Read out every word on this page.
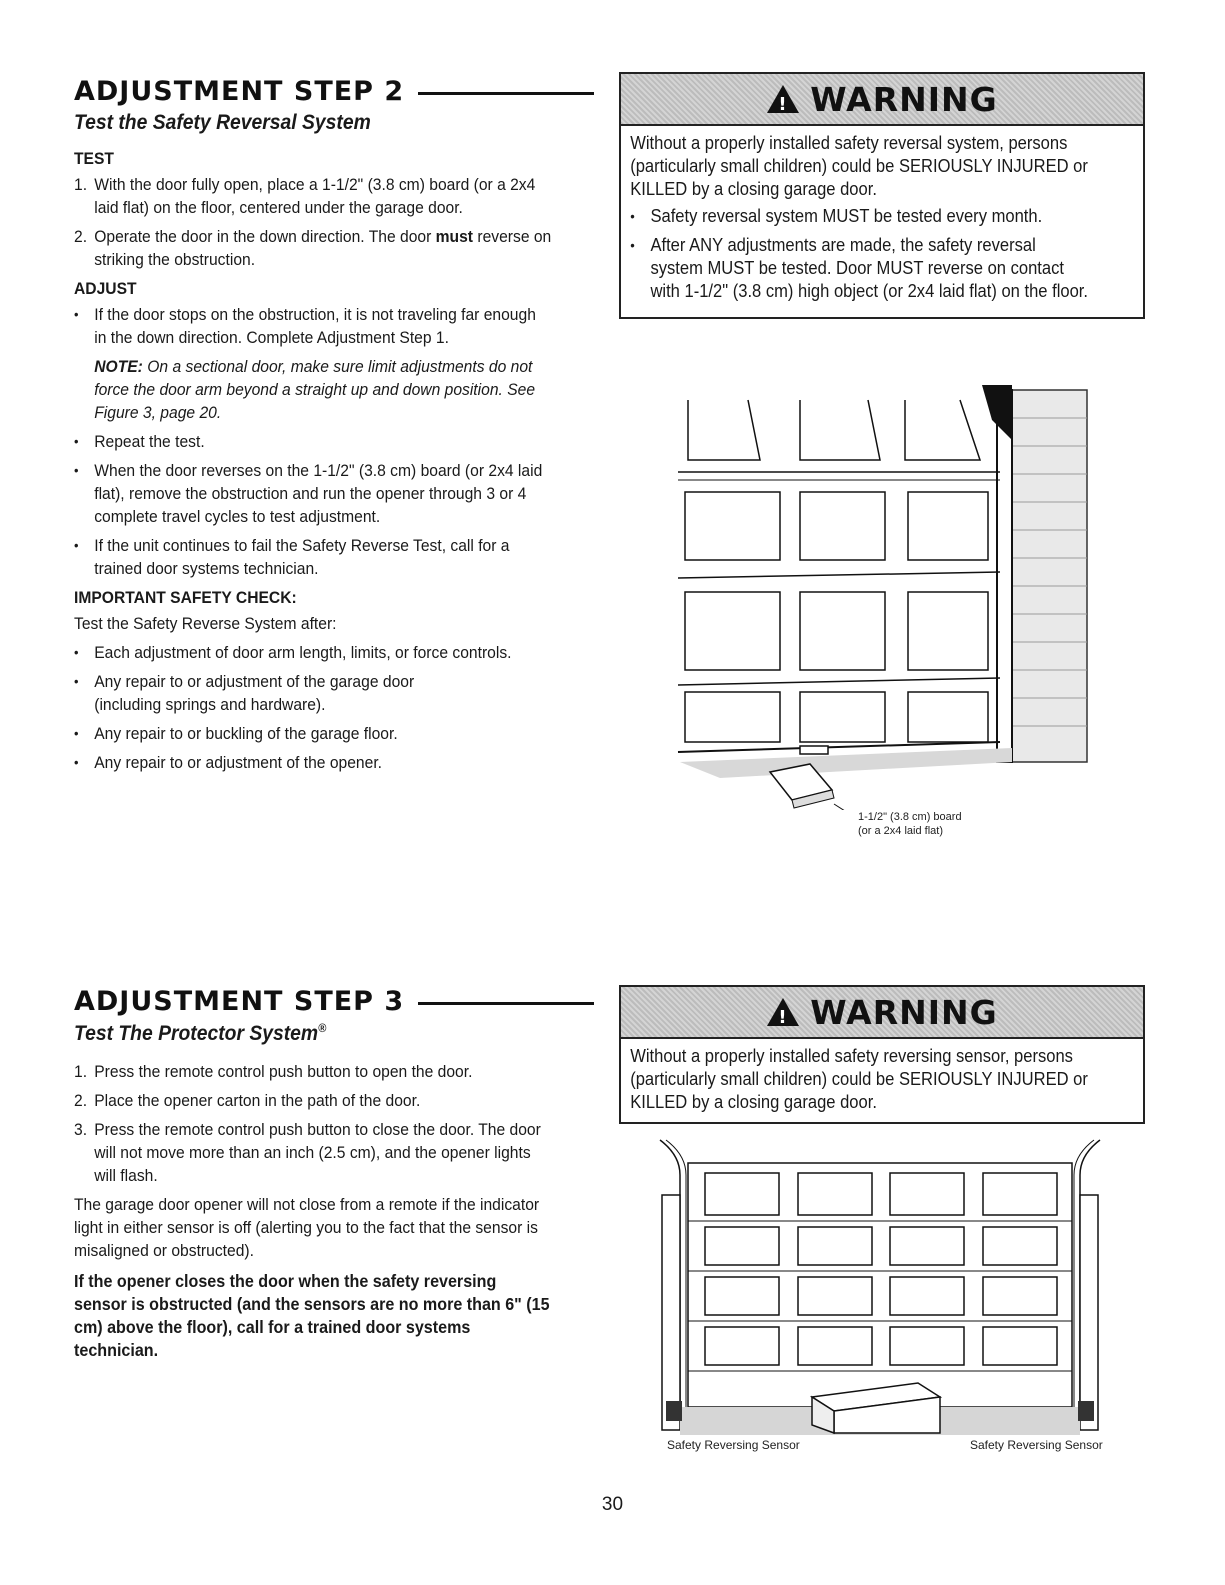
ADJUSTMENT STEP 2
Test the Safety Reversal System
TEST
1. With the door fully open, place a 1-1/2" (3.8 cm) board (or a 2x4 laid flat) on the floor, centered under the garage door.
2. Operate the door in the down direction. The door must reverse on striking the obstruction.
ADJUST
• If the door stops on the obstruction, it is not traveling far enough in the down direction. Complete Adjustment Step 1.
NOTE: On a sectional door, make sure limit adjustments do not force the door arm beyond a straight up and down position. See Figure 3, page 20.
• Repeat the test.
• When the door reverses on the 1-1/2" (3.8 cm) board (or 2x4 laid flat), remove the obstruction and run the opener through 3 or 4 complete travel cycles to test adjustment.
• If the unit continues to fail the Safety Reverse Test, call for a trained door systems technician.
IMPORTANT SAFETY CHECK:
Test the Safety Reverse System after:
• Each adjustment of door arm length, limits, or force controls.
• Any repair to or adjustment of the garage door (including springs and hardware).
• Any repair to or buckling of the garage floor.
• Any repair to or adjustment of the opener.
! WARNING
Without a properly installed safety reversal system, persons (particularly small children) could be SERIOUSLY INJURED or KILLED by a closing garage door.
• Safety reversal system MUST be tested every month.
• After ANY adjustments are made, the safety reversal system MUST be tested. Door MUST reverse on contact with 1-1/2" (3.8 cm) high object (or 2x4 laid flat) on the floor.
1-1/2" (3.8 cm) board
(or a 2x4 laid flat)
ADJUSTMENT STEP 3
Test The Protector System®
1. Press the remote control push button to open the door.
2. Place the opener carton in the path of the door.
3. Press the remote control push button to close the door. The door will not move more than an inch (2.5 cm), and the opener lights will flash.
The garage door opener will not close from a remote if the indicator light in either sensor is off (alerting you to the fact that the sensor is misaligned or obstructed).
If the opener closes the door when the safety reversing sensor is obstructed (and the sensors are no more than 6" (15 cm) above the floor), call for a trained door systems technician.
! WARNING
Without a properly installed safety reversing sensor, persons (particularly small children) could be SERIOUSLY INJURED or KILLED by a closing garage door.
Safety Reversing Sensor	Safety Reversing Sensor
30
